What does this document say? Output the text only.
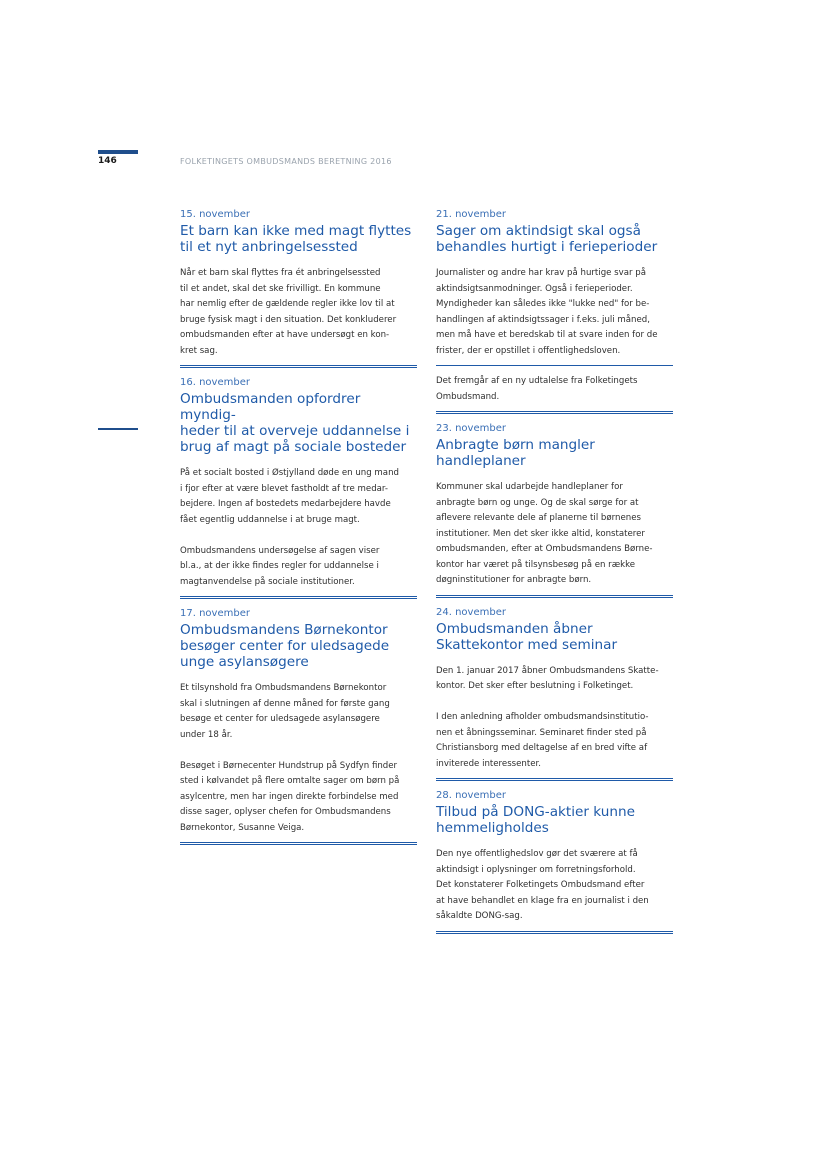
146	FOLKETINGETS OMBUDSMANDS BERETNING 2016
15. november
Et barn kan ikke med magt flyttes
til et nyt anbringelsessted

Når et barn skal flyttes fra ét anbringelsessted
til et andet, skal det ske frivilligt. En kommune
har nemlig efter de gældende regler ikke lov til at
bruge fysisk magt i den situation. Det konkluderer
ombudsmanden efter at have undersøgt en kon-
kret sag.

16. november
Ombudsmanden opfordrer myndig-
heder til at overveje uddannelse i
brug af magt på sociale bosteder

På et socialt bosted i Østjylland døde en ung mand
i fjor efter at være blevet fastholdt af tre medar-
bejdere. Ingen af bostedets medarbejdere havde
fået egentlig uddannelse i at bruge magt.

Ombudsmandens undersøgelse af sagen viser
bl.a., at der ikke findes regler for uddannelse i
magtanvendelse på sociale institutioner.

17. november
Ombudsmandens Børnekontor
besøger center for uledsagede
unge asylansøgere

Et tilsynshold fra Ombudsmandens Børnekontor
skal i slutningen af denne måned for første gang
besøge et center for uledsagede asylansøgere
under 18 år.

Besøget i Børnecenter Hundstrup på Sydfyn finder
sted i kølvandet på flere omtalte sager om børn på
asylcentre, men har ingen direkte forbindelse med
disse sager, oplyser chefen for Ombudsmandens
Børnekontor, Susanne Veiga.

21. november
Sager om aktindsigt skal også
behandles hurtigt i ferieperioder

Journalister og andre har krav på hurtige svar på
aktindsigtsanmodninger. Også i ferieperioder.
Myndigheder kan således ikke "lukke ned" for be-
handlingen af aktindsigtssager i f.eks. juli måned,
men må have et beredskab til at svare inden for de
frister, der er opstillet i offentlighedsloven.

Det fremgår af en ny udtalelse fra Folketingets
Ombudsmand.
23. november
Anbragte børn mangler handleplaner

Kommuner skal udarbejde handleplaner for
anbragte børn og unge. Og de skal sørge for at
aflevere relevante dele af planerne til børnenes
institutioner. Men det sker ikke altid, konstaterer
ombudsmanden, efter at Ombudsmandens Børne-
kontor har været på tilsynsbesøg på en række
døgninstitutioner for anbragte børn.

24. november
Ombudsmanden åbner
Skattekontor med seminar

Den 1. januar 2017 åbner Ombudsmandens Skatte-
kontor. Det sker efter beslutning i Folketinget.

I den anledning afholder ombudsmandsinstitutio-
nen et åbningsseminar. Seminaret finder sted på
Christiansborg med deltagelse af en bred vifte af
inviterede interessenter.

28. november
Tilbud på DONG-aktier kunne
hemmeligholdes

Den nye offentlighedslov gør det sværere at få
aktindsigt i oplysninger om forretningsforhold.
Det konstaterer Folketingets Ombudsmand efter
at have behandlet en klage fra en journalist i den
såkaldte DONG-sag.
